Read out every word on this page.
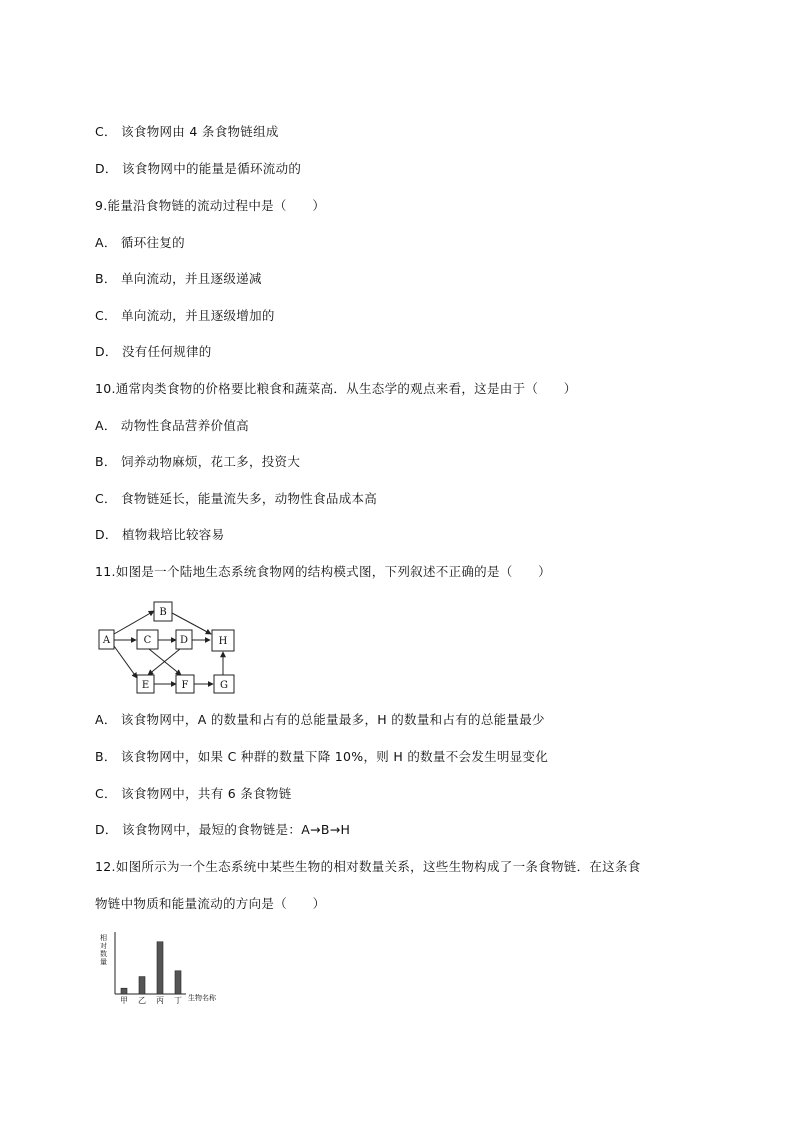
C． 该食物网由 4 条食物链组成
D． 该食物网中的能量是循环流动的
9.能量沿食物链的流动过程中是（　　）
A． 循环往复的
B． 单向流动，并且逐级递减
C． 单向流动，并且逐级增加的
D． 没有任何规律的
10.通常肉类食物的价格要比粮食和蔬菜高．从生态学的观点来看，这是由于（　　）
A． 动物性食品营养价值高
B． 饲养动物麻烦，花工多，投资大
C． 食物链延长，能量流失多，动物性食品成本高
D． 植物栽培比较容易
11.如图是一个陆地生态系统食物网的结构模式图，下列叙述不正确的是（　　）
A． 该食物网中，A 的数量和占有的总能量最多，H 的数量和占有的总能量最少
B． 该食物网中，如果 C 种群的数量下降 10%，则 H 的数量不会发生明显变化
C． 该食物网中，共有 6 条食物链
D． 该食物网中，最短的食物链是：A→B→H
12.如图所示为一个生态系统中某些生物的相对数量关系，这些生物构成了一条食物链．在这条食
物链中物质和能量流动的方向是（　　）
A
B
C	D	H
E	F	G
相
对
数
量
生物名称
甲 乙 丙 丁
